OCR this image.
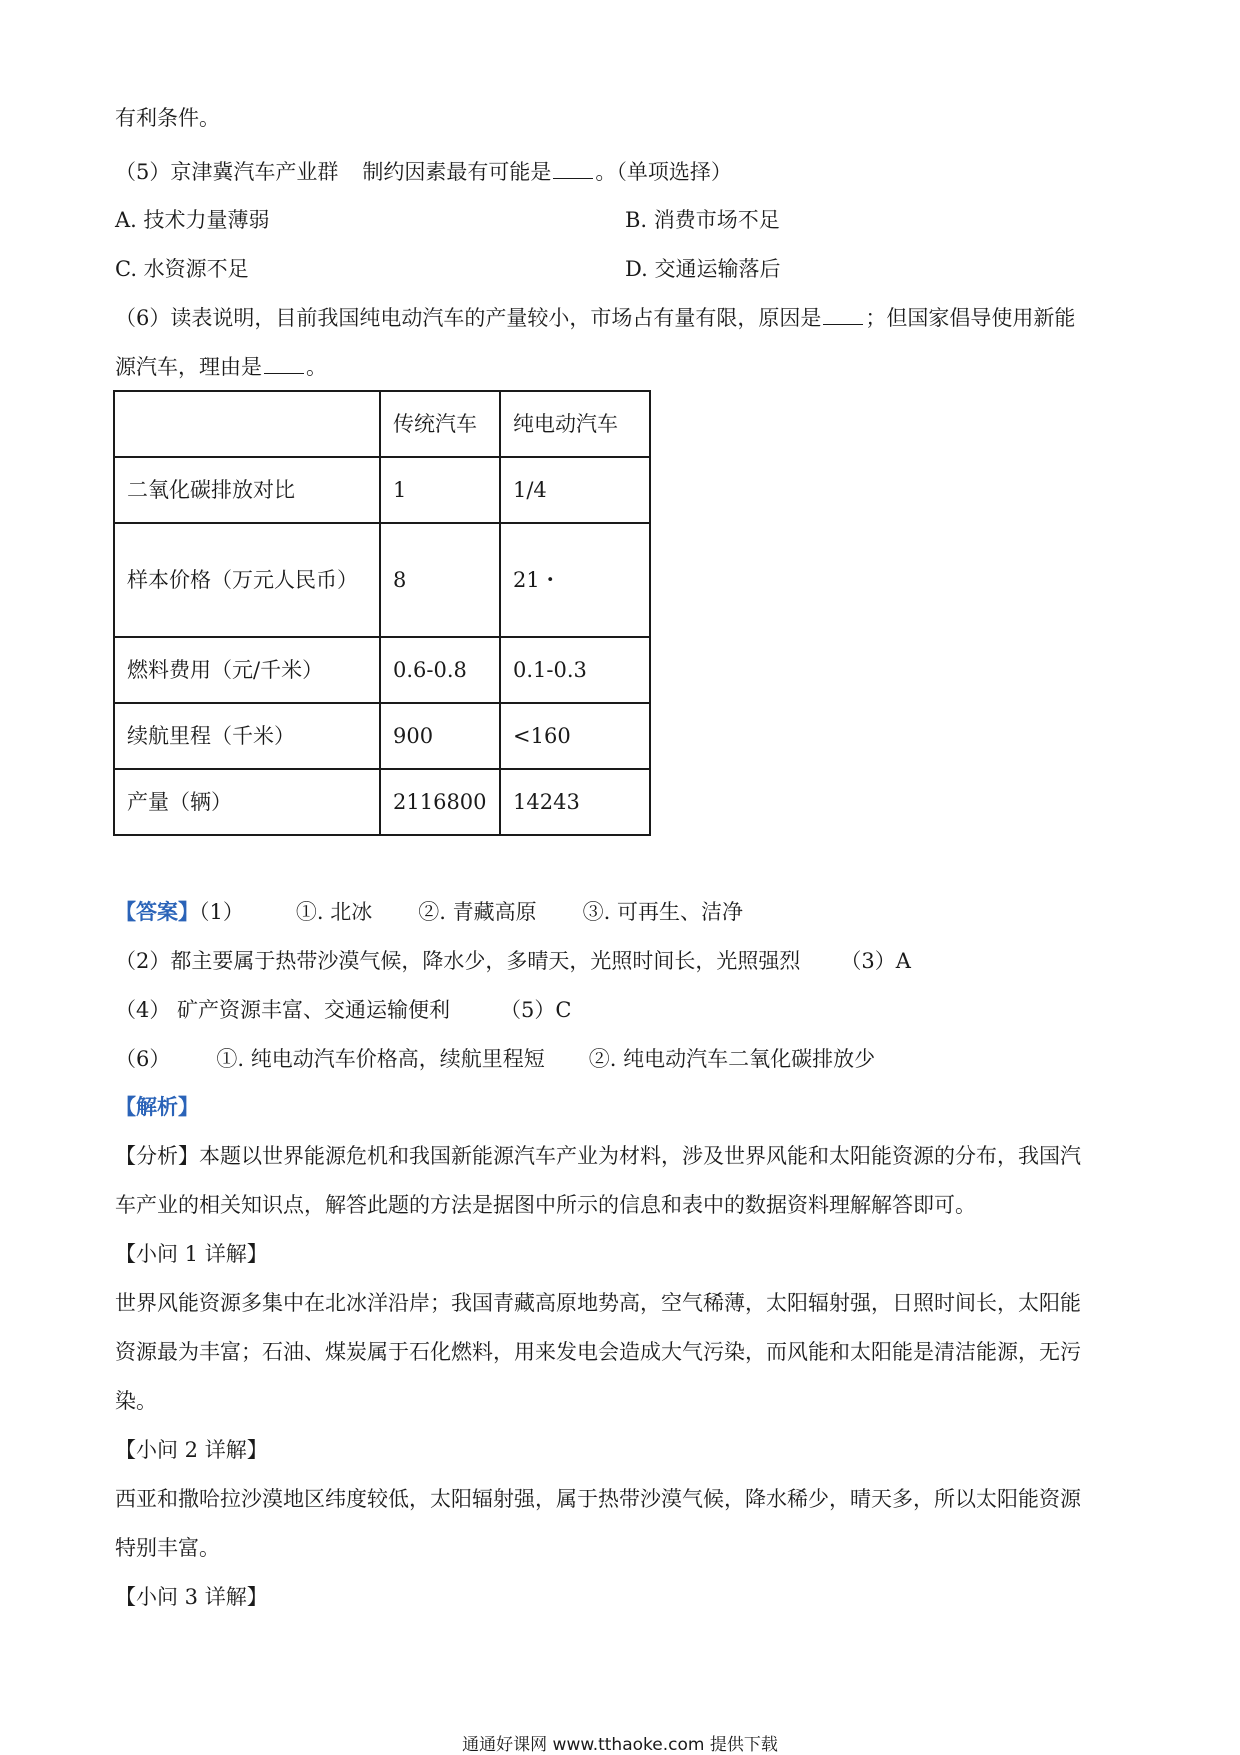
有利条件。
（5）京津冀汽车产业群 制约因素最有可能是 。（单项选择）
A. 技术力量薄弱	B. 消费市场不足
C. 水资源不足	D. 交通运输落后
（6）读表说明，目前我国纯电动汽车的产量较小，市场占有量有限，原因是 ；但国家倡导使用新能
源汽车，理由是 。
	传统汽车	纯电动汽车
二氧化碳排放对比	1	1/4
样本价格（万元人民币）	8	21・
燃料费用（元/千米）	0.6-0.8	0.1-0.3
续航里程（千米）	900	<160
产量（辆）	2116800	14243
【答案】（1） ①. 北冰 ②. 青藏高原 ③. 可再生、洁净
（2）都主要属于热带沙漠气候，降水少，多晴天，光照时间长，光照强烈 （3）A
（4） 矿产资源丰富、交通运输便利 （5）C
（6） ①. 纯电动汽车价格高，续航里程短 ②. 纯电动汽车二氧化碳排放少
【解析】
【分析】本题以世界能源危机和我国新能源汽车产业为材料，涉及世界风能和太阳能资源的分布，我国汽
车产业的相关知识点，解答此题的方法是据图中所示的信息和表中的数据资料理解解答即可。
【小问 1 详解】
世界风能资源多集中在北冰洋沿岸；我国青藏高原地势高，空气稀薄，太阳辐射强，日照时间长，太阳能
资源最为丰富；石油、煤炭属于石化燃料，用来发电会造成大气污染，而风能和太阳能是清洁能源，无污
染。
【小问 2 详解】
西亚和撒哈拉沙漠地区纬度较低，太阳辐射强，属于热带沙漠气候，降水稀少，晴天多，所以太阳能资源
特别丰富。
【小问 3 详解】
通通好课网 www.tthaoke.com 提供下载
